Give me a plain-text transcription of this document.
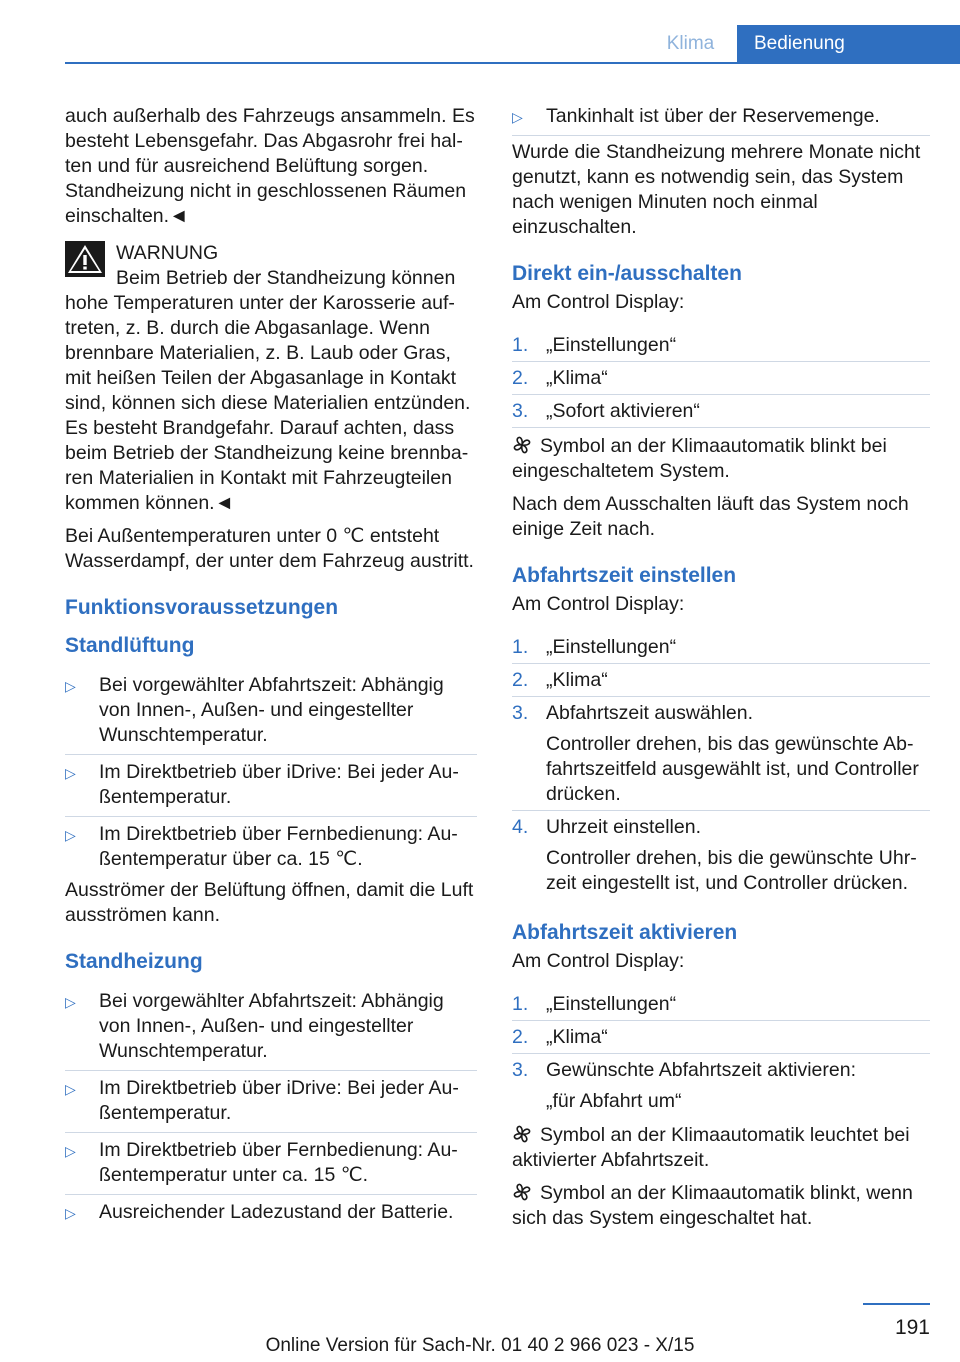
Klima	Bedienung

auch außerhalb des Fahrzeugs ansammeln. Es besteht Lebensgefahr. Das Abgasrohr frei halten und für ausreichend Belüftung sorgen. Standheizung nicht in geschlossenen Räumen einschalten.◄

WARNUNG
Beim Betrieb der Standheizung können
hohe Temperaturen unter der Karosserie auftreten, z. B. durch die Abgasanlage. Wenn brennbare Materialien, z. B. Laub oder Gras, mit heißen Teilen der Abgasanlage in Kontakt sind, können sich diese Materialien entzünden. Es besteht Brandgefahr. Darauf achten, dass beim Betrieb der Standheizung keine brennbaren Materialien in Kontakt mit Fahrzeugteilen kommen können.◄

Bei Außentemperaturen unter 0 ℃ entsteht Wasserdampf, der unter dem Fahrzeug austritt.

Funktionsvoraussetzungen
Standlüftung
▷ Bei vorgewählter Abfahrtszeit: Abhängig von Innen-, Außen- und eingestellter Wunschtemperatur.
▷ Im Direktbetrieb über iDrive: Bei jeder Außentemperatur.
▷ Im Direktbetrieb über Fernbedienung: Außentemperatur über ca. 15 ℃.

Ausströmer der Belüftung öffnen, damit die Luft ausströmen kann.

Standheizung
▷ Bei vorgewählter Abfahrtszeit: Abhängig von Innen-, Außen- und eingestellter Wunschtemperatur.
▷ Im Direktbetrieb über iDrive: Bei jeder Außentemperatur.
▷ Im Direktbetrieb über Fernbedienung: Außentemperatur unter ca. 15 ℃.
▷ Ausreichender Ladezustand der Batterie.
▷ Tankinhalt ist über der Reservemenge.

Wurde die Standheizung mehrere Monate nicht genutzt, kann es notwendig sein, das System nach wenigen Minuten noch einmal einzuschalten.

Direkt ein-/ausschalten

Am Control Display:

1. „Einstellungen“
2. „Klima“
3. „Sofort aktivieren“

Symbol an der Klimaautomatik blinkt bei eingeschaltetem System.

Nach dem Ausschalten läuft das System noch einige Zeit nach.

Abfahrtszeit einstellen

Am Control Display:

1. „Einstellungen“
2. „Klima“
3. Abfahrtszeit auswählen.
Controller drehen, bis das gewünschte Abfahrtszeitfeld ausgewählt ist, und Controller drücken.
4. Uhrzeit einstellen.
Controller drehen, bis die gewünschte Uhrzeit eingestellt ist, und Controller drücken.
Abfahrtszeit aktivieren

Am Control Display:

1. „Einstellungen“
2. „Klima“
3. Gewünschte Abfahrtszeit aktivieren:
„für Abfahrt um“

Symbol an der Klimaautomatik leuchtet bei aktivierter Abfahrtszeit.

Symbol an der Klimaautomatik blinkt, wenn sich das System eingeschaltet hat.

191
Online Version für Sach-Nr. 01 40 2 966 023 - X/15
